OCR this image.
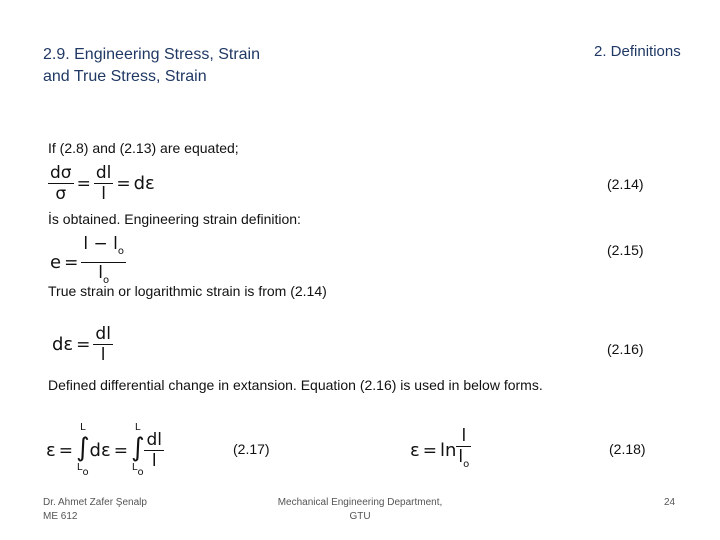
2.9. Engineering Stress, Strain
and True Stress, Strain
2. Definitions
If (2.8) and (2.13) are equated;
$\frac{d\sigma}{\sigma} = \frac{dl}{l} = d\varepsilon$	(2.14)
İs obtained. Engineering strain definition:
$e = \frac{l - l_o}{l_o}$	(2.15)
True strain or logarithmic strain is from (2.14)
$d\varepsilon = \frac{dl}{l}$	(2.16)
Defined differential change in extansion. Equation (2.16) is used in below forms.
ε =
L
∫
Lo
dε =
L
∫
Lo
$\frac{dl}{l}$	(2.17)	$\varepsilon = \ln \frac{l}{l_o}$	(2.18)
Dr. Ahmet Zafer Şenalp
ME 612
Mechanical Engineering Department,
GTU
24
